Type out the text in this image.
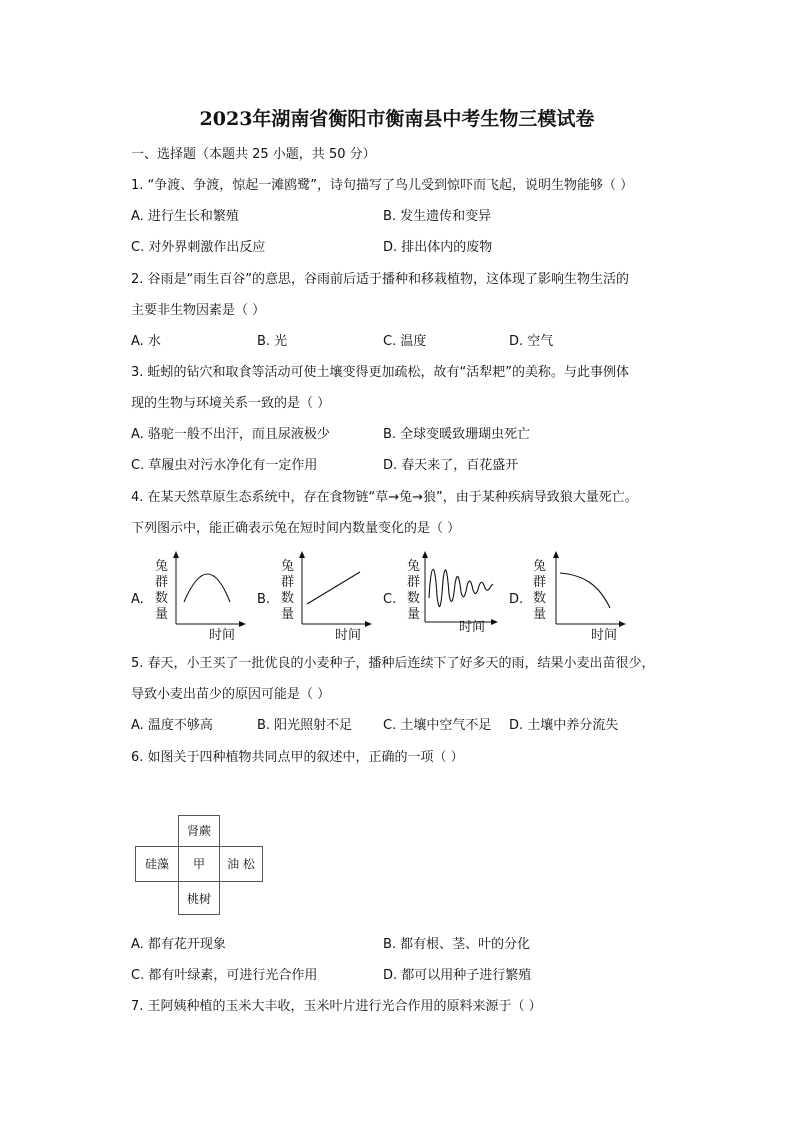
2023年湖南省衡阳市衡南县中考生物三模试卷
一、选择题（本题共 25 小题，共 50 分）
1. “争渡、争渡，惊起一滩鸥鹭”，诗句描写了鸟儿受到惊吓而飞起，说明生物能够（ ）
A. 进行生长和繁殖	B. 发生遗传和变异
C. 对外界刺激作出反应	D. 排出体内的废物
2. 谷雨是“雨生百谷”的意思，谷雨前后适于播种和移栽植物，这体现了影响生物生活的
主要非生物因素是（ ）
A. 水	B. 光	C. 温度	D. 空气
3. 蚯蚓的钻穴和取食等活动可使土壤变得更加疏松，故有“活犁耙”的美称。与此事例体
现的生物与环境关系一致的是（ ）
A. 骆驼一般不出汗，而且尿液极少	B. 全球变暖致珊瑚虫死亡
C. 草履虫对污水净化有一定作用	D. 春天来了，百花盛开
4. 在某天然草原生态系统中，存在食物链“草→兔→狼”，由于某种疾病导致狼大量死亡。
下列图示中，能正确表示兔在短时间内数量变化的是（ ）
A.
兔
群
数
量
时间
B.
兔
群
数
量
时间
C.
兔
群
数
量
时间
D.
兔
群
数
量
时间
5. 春天，小王买了一批优良的小麦种子，播种后连续下了好多天的雨，结果小麦出苗很少，
导致小麦出苗少的原因可能是（ ）
A. 温度不够高	B. 阳光照射不足 C. 土壤中空气不足 D. 土壤中养分流失
6. 如图关于四种植物共同点甲的叙述中，正确的一项（ ）
肾蕨
硅藻	甲	油 松
桃树
A. 都有花开现象	B. 都有根、茎、叶的分化
C. 都有叶绿素，可进行光合作用	D. 都可以用种子进行繁殖
7. 王阿姨种植的玉米大丰收，玉米叶片进行光合作用的原料来源于（ ）
